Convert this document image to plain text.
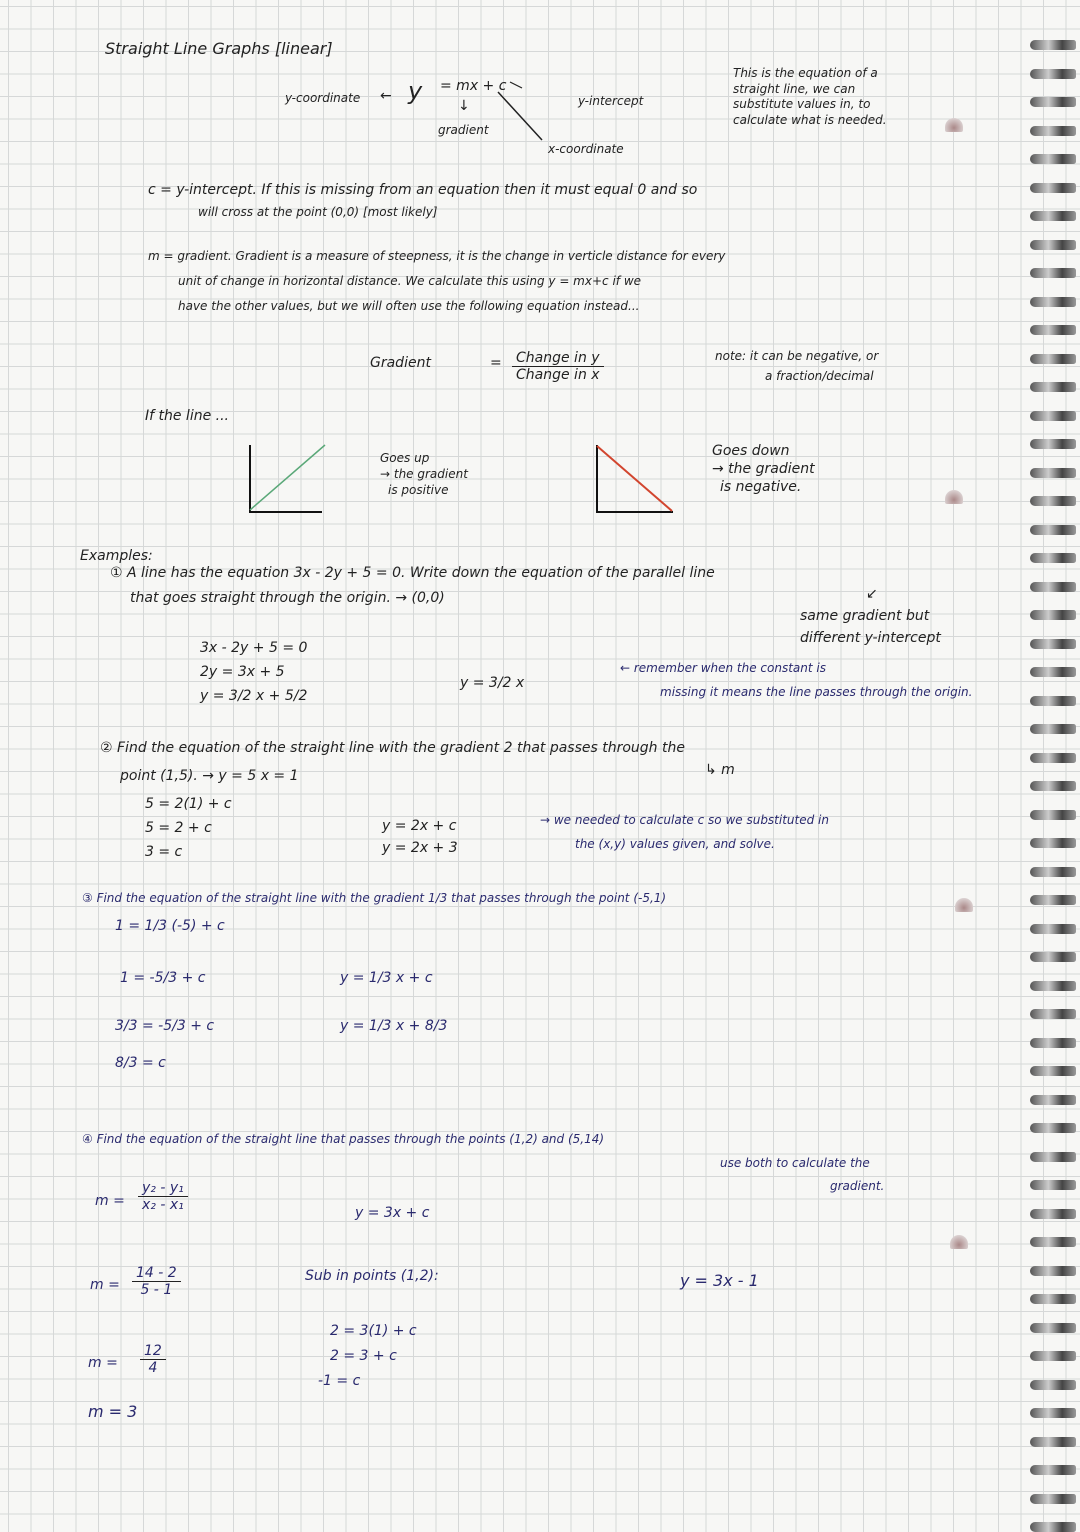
Straight Line Graphs [linear]
y-coordinate ← y = mx + c
↓
gradient
y-intercept
x-coordinate
This is the equation of a
straight line, we can
substitute values in, to
calculate what is needed.
c = y-intercept. If this is missing from an equation then it must equal 0 and so
will cross at the point (0,0) [most likely]
m = gradient. Gradient is a measure of steepness, it is the change in verticle distance for every
unit of change in horizontal distance. We calculate this using y = mx+c if we
have the other values, but we will often use the following equation instead...
Gradient	= Change in y
Change in x
note: it can be negative, or
a fraction/decimal
If the line ...
Goes up
→ the gradient
is positive
Goes down
→ the gradient
is negative.
Examples:
① A line has the equation 3x - 2y + 5 = 0. Write down the equation of the parallel line
that goes straight through the origin. → (0,0)	↙
same gradient but
different y-intercept
3x - 2y + 5 = 0
2y = 3x + 5
y = 3/2 x + 5/2
y = 3/2 x
← remember when the constant is
missing it means the line passes through the origin.
② Find the equation of the straight line with the gradient 2 that passes through the
point (1,5). → y = 5 x = 1	↳ m
5 = 2(1) + c
5 = 2 + c
3 = c
y = 2x + c
y = 2x + 3
→ we needed to calculate c so we substituted in
the (x,y) values given, and solve.
③ Find the equation of the straight line with the gradient 1/3 that passes through the point (-5,1)
1 = 1/3 (-5) + c
1 = -5/3 + c
3/3 = -5/3 + c
8/3 = c
y = 1/3 x + c
y = 1/3 x + 8/3
④ Find the equation of the straight line that passes through the points (1,2) and (5,14)
use both to calculate the
gradient.
$m = \frac{\text{y₂ - y₁}}{\text{x₂ - x₁}}$	y = 3x + c
$m = \frac{14 - 2}{5 - 1}$	Sub in points (1,2):	y = 3x - 1
2 = 3(1) + c
2 = 3 + c
-1 = c
$m = \frac{12}{4}$
m = 3
